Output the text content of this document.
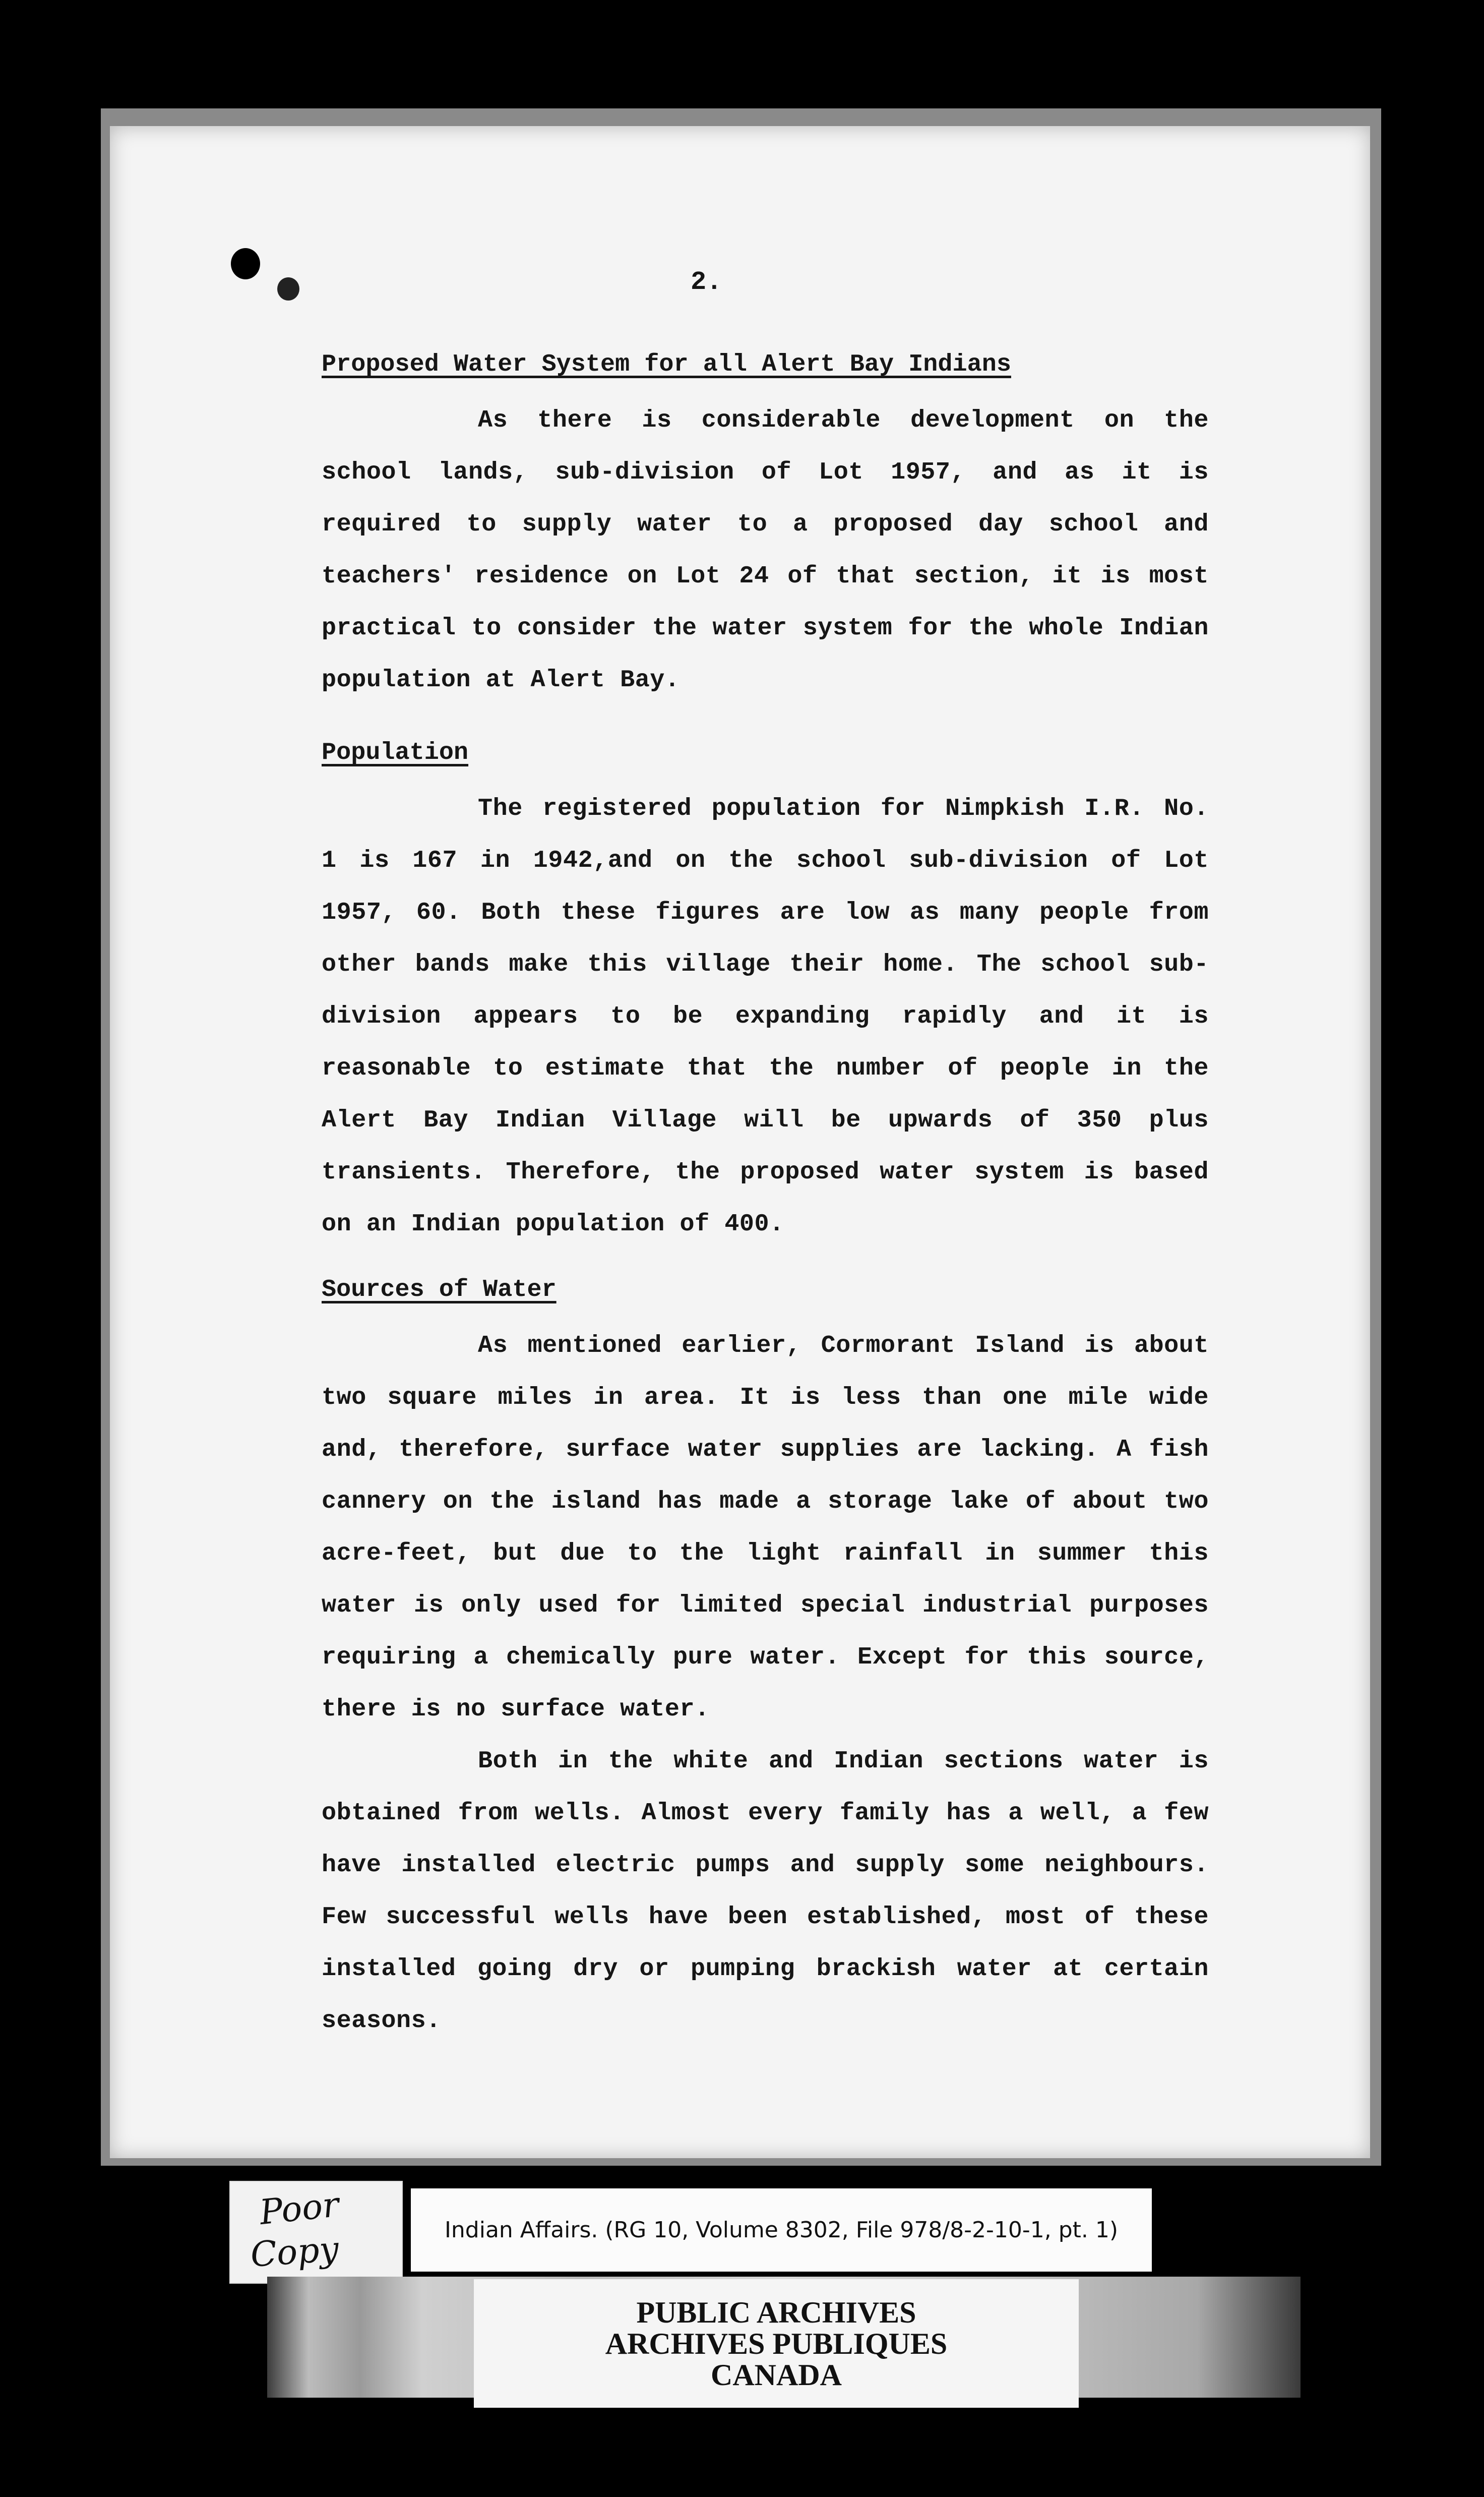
2.

Proposed Water System for all Alert Bay Indians

As there is considerable development on the school lands, sub-division of Lot 1957, and as it is required to supply water to a proposed day school and teachers' residence on Lot 24 of that section, it is most practical to consider the water system for the whole Indian population at Alert Bay.

Population

The registered population for Nimpkish I.R. No. 1 is 167 in 1942,and on the school sub-division of Lot 1957, 60. Both these figures are low as many people from other bands make this village their home. The school sub-division appears to be expanding rapidly and it is reasonable to estimate that the number of people in the Alert Bay Indian Village will be upwards of 350 plus transients. Therefore, the proposed water system is based on an Indian population of 400.

Sources of Water

As mentioned earlier, Cormorant Island is about two square miles in area. It is less than one mile wide and, therefore, surface water supplies are lacking. A fish cannery on the island has made a storage lake of about two acre-feet, but due to the light rainfall in summer this water is only used for limited special industrial purposes requiring a chemically pure water. Except for this source, there is no surface water.

Both in the white and Indian sections water is obtained from wells. Almost every family has a well, a few have installed electric pumps and supply some neighbours. Few successful wells have been established, most of these installed going dry or pumping brackish water at certain seasons.

Poor
Copy	Indian Affairs. (RG 10, Volume 8302, File 978/8-2-10-1, pt. 1)
PUBLIC ARCHIVES
ARCHIVES PUBLIQUES
CANADA
